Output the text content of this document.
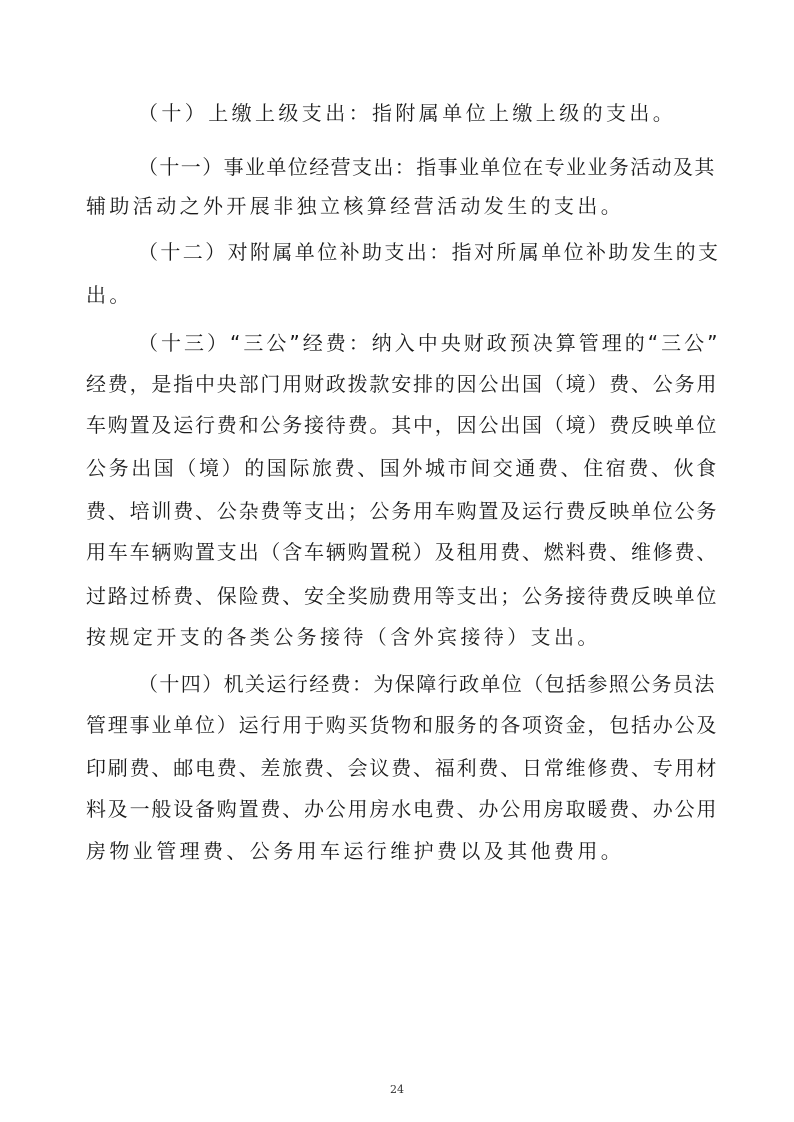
（十）上缴上级支出：指附属单位上缴上级的支出。

（十一）事业单位经营支出：指事业单位在专业业务活动及其

辅助活动之外开展非独立核算经营活动发生的支出。

（十二）对附属单位补助支出：指对所属单位补助发生的支

出。

（十三）“三公”经费：纳入中央财政预决算管理的“三公”

经费，是指中央部门用财政拨款安排的因公出国（境）费、公务用

车购置及运行费和公务接待费。其中，因公出国（境）费反映单位

公务出国（境）的国际旅费、国外城市间交通费、住宿费、伙食

费、培训费、公杂费等支出；公务用车购置及运行费反映单位公务

用车车辆购置支出（含车辆购置税）及租用费、燃料费、维修费、

过路过桥费、保险费、安全奖励费用等支出；公务接待费反映单位

按规定开支的各类公务接待（含外宾接待）支出。

（十四）机关运行经费：为保障行政单位（包括参照公务员法

管理事业单位）运行用于购买货物和服务的各项资金，包括办公及

印刷费、邮电费、差旅费、会议费、福利费、日常维修费、专用材

料及一般设备购置费、办公用房水电费、办公用房取暖费、办公用

房物业管理费、公务用车运行维护费以及其他费用。

24
